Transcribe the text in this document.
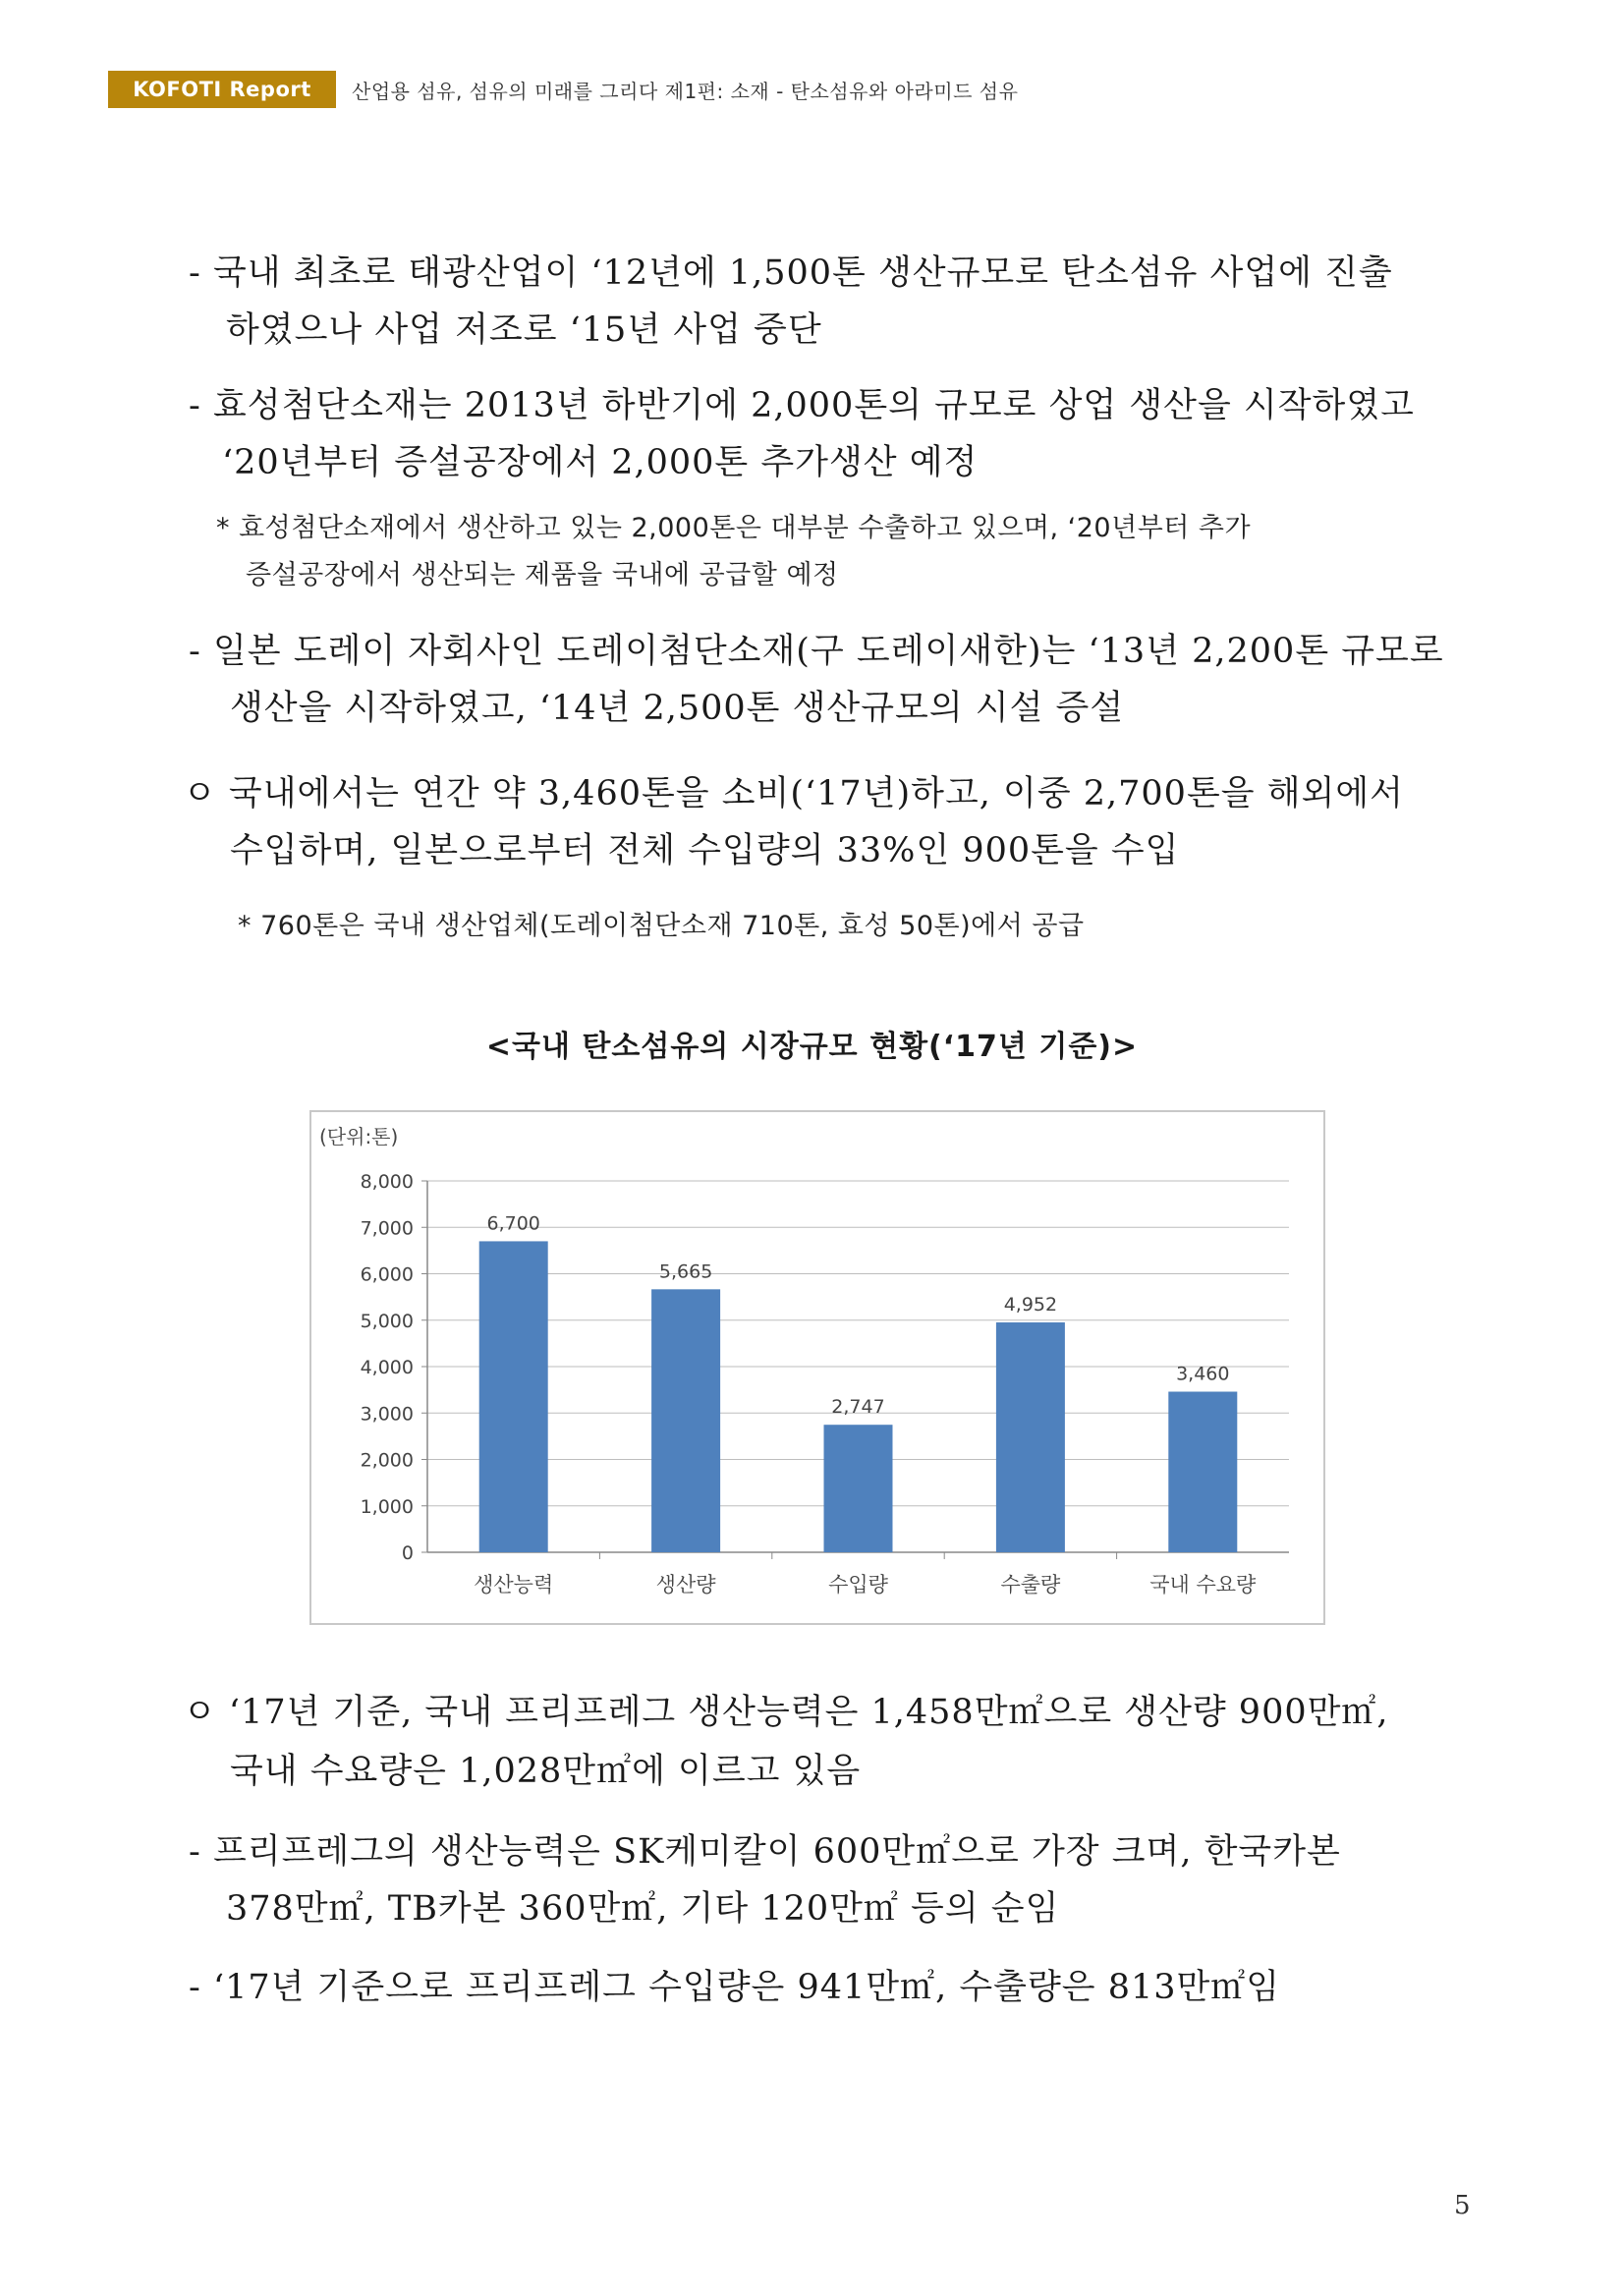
KOFOTI Report	산업용 섬유, 섬유의 미래를 그리다 제1편: 소재 - 탄소섬유와 아라미드 섬유
- 국내 최초로 태광산업이 ‘12년에 1,500톤 생산규모로 탄소섬유 사업에 진출
하였으나 사업 저조로 ‘15년 사업 중단
- 효성첨단소재는 2013년 하반기에 2,000톤의 규모로 상업 생산을 시작하였고
‘20년부터 증설공장에서 2,000톤 추가생산 예정
* 효성첨단소재에서 생산하고 있는 2,000톤은 대부분 수출하고 있으며, ‘20년부터 추가
증설공장에서 생산되는 제품을 국내에 공급할 예정
- 일본 도레이 자회사인 도레이첨단소재(구 도레이새한)는 ‘13년 2,200톤 규모로
생산을 시작하였고, ‘14년 2,500톤 생산규모의 시설 증설
ㅇ 국내에서는 연간 약 3,460톤을 소비(‘17년)하고, 이중 2,700톤을 해외에서
수입하며, 일본으로부터 전체 수입량의 33%인 900톤을 수입
* 760톤은 국내 생산업체(도레이첨단소재 710톤, 효성 50톤)에서 공급
<국내 탄소섬유의 시장규모 현황(‘17년 기준)>
(단위:톤)
0
1,000
2,000
3,000
4,000
5,000
6,000
7,000
8,000
6,700
생산능력
5,665
생산량
2,747
수입량
4,952
수출량
3,460
국내 수요량
ㅇ ‘17년 기준, 국내 프리프레그 생산능력은 1,458만㎡으로 생산량 900만㎡,
국내 수요량은 1,028만㎡에 이르고 있음
- 프리프레그의 생산능력은 SK케미칼이 600만㎡으로 가장 크며, 한국카본
378만㎡, TB카본 360만㎡, 기타 120만㎡ 등의 순임
- ‘17년 기준으로 프리프레그 수입량은 941만㎡, 수출량은 813만㎡임
5
